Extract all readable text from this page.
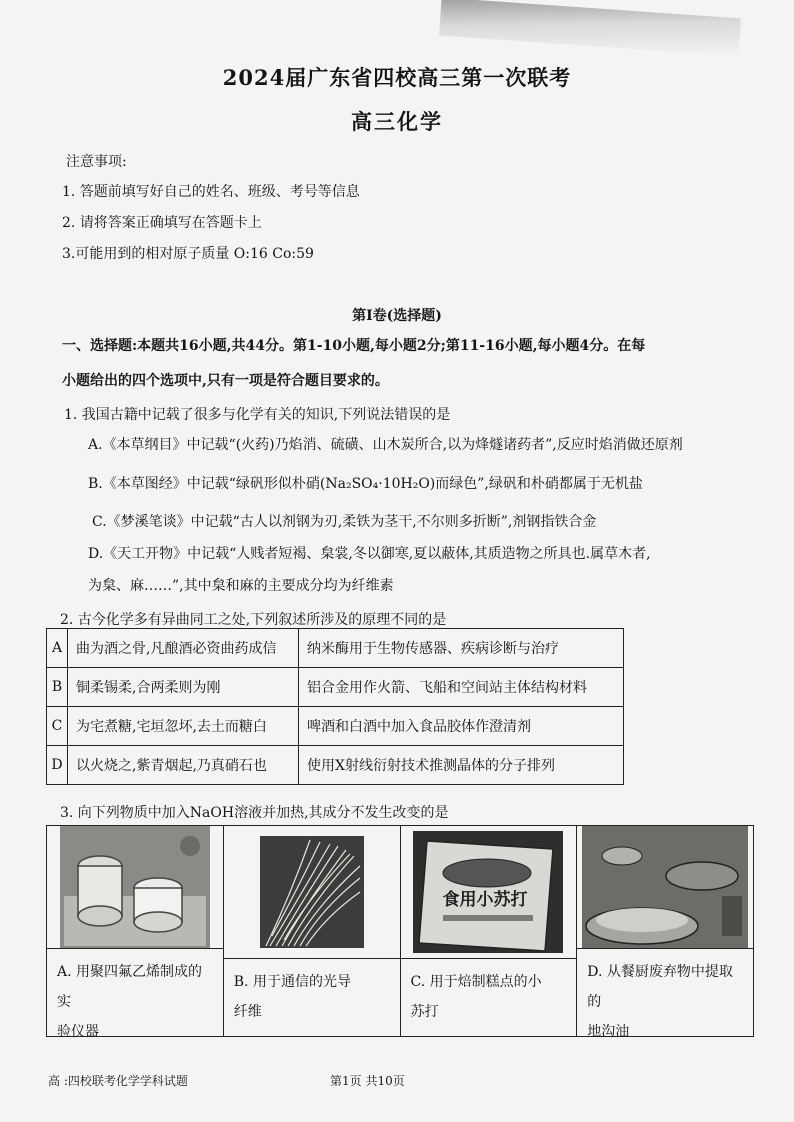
2024届广东省四校高三第一次联考
高三化学
注意事项:
1. 答题前填写好自己的姓名、班级、考号等信息
2. 请将答案正确填写在答题卡上
3.可能用到的相对原子质量 O:16 Co:59
第I卷(选择题)
一、选择题:本题共16小题,共44分。第1-10小题,每小题2分;第11-16小题,每小题4分。在每
小题给出的四个选项中,只有一项是符合题目要求的。
1. 我国古籍中记载了很多与化学有关的知识,下列说法错误的是
A.《本草纲目》中记载“(火药)乃焰消、硫磺、山木炭所合,以为烽燧诸药者”,反应时焰消做还原剂
B.《本草图经》中记载“绿矾形似朴硝(Na₂SO₄·10H₂O)而绿色”,绿矾和朴硝都属于无机盐
C.《梦溪笔谈》中记载“古人以剂钢为刃,柔铁为茎干,不尔则多折断”,剂钢指铁合金
D.《天工开物》中记载“人贱者短褐、枲裳,冬以御寒,夏以蔽体,其质造物之所具也.属草木者,
为枲、麻……”,其中枲和麻的主要成分均为纤维素
2. 古今化学多有异曲同工之处,下列叙述所涉及的原理不同的是
A	曲为酒之骨,凡酿酒必资曲药成信	纳米酶用于生物传感器、疾病诊断与治疗
B	铜柔锡柔,合两柔则为刚	铝合金用作火箭、飞船和空间站主体结构材料
C	为宅煮糖,宅垣忽坏,去土而糖白	啤酒和白酒中加入食品胶体作澄清剂
D	以火烧之,紫青烟起,乃真硝石也	使用X射线衍射技术推测晶体的分子排列
3. 向下列物质中加入NaOH溶液并加热,其成分不发生改变的是
A. 用聚四氟乙烯制成的实
验仪器
B. 用于通信的光导
纤维
食用小苏打
C. 用于焙制糕点的小
苏打
D. 从餐厨废弃物中提取的
地沟油
高 :四校联考化学学科试题	第1页 共10页
